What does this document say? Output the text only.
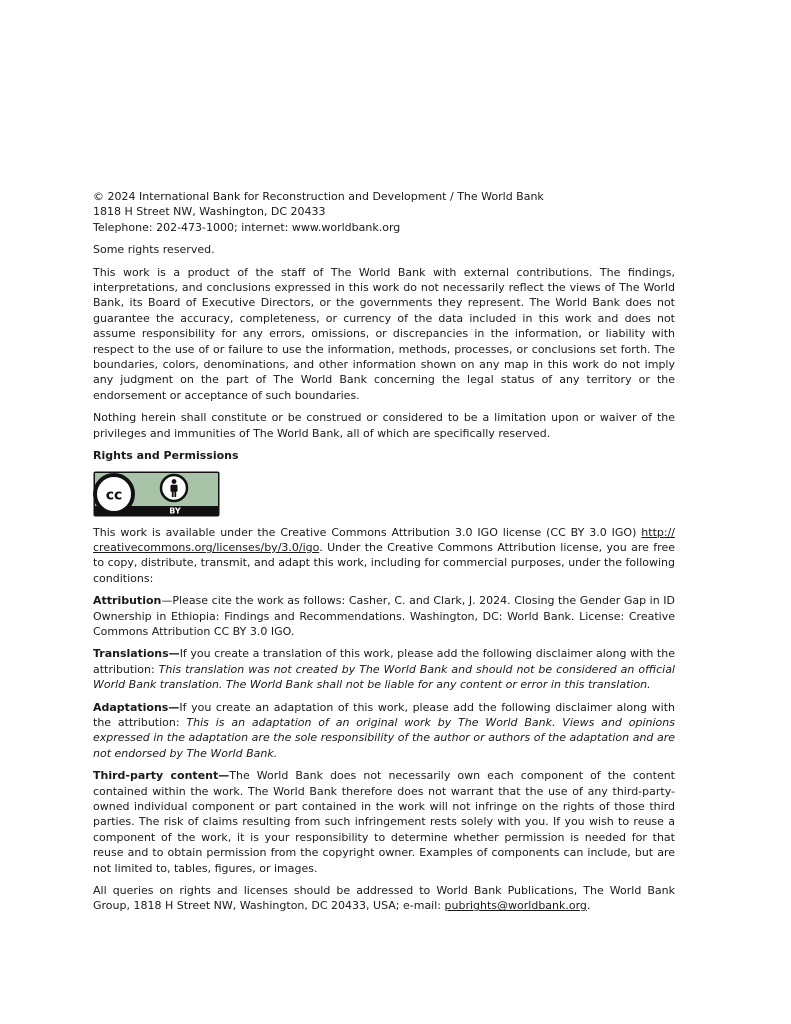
© 2024 International Bank for Reconstruction and Development / The World Bank
1818 H Street NW, Washington, DC 20433
Telephone: 202-473-1000; internet: www.worldbank.org

Some rights reserved.

This work is a product of the staff of The World Bank with external contributions. The findings, interpretations, and conclusions expressed in this work do not necessarily reflect the views of The World Bank, its Board of Executive Directors, or the governments they represent. The World Bank does not guarantee the accuracy, completeness, or currency of the data included in this work and does not assume responsibility for any errors, omissions, or discrepancies in the information, or liability with respect to the use of or failure to use the information, methods, processes, or conclusions set forth. The boundaries, colors, denominations, and other information shown on any map in this work do not imply any judgment on the part of The World Bank concerning the legal status of any territory or the endorsement or acceptance of such boundaries.

Nothing herein shall constitute or be construed or considered to be a limitation upon or waiver of the privileges and immunities of The World Bank, all of which are specifically reserved.

Rights and Permissions
cc
BY

This work is available under the Creative Commons Attribution 3.0 IGO license (CC BY 3.0 IGO) http:// creativecommons.org/licenses/by/3.0/igo. Under the Creative Commons Attribution license, you are free to copy, distribute, transmit, and adapt this work, including for commercial purposes, under the following conditions:

Attribution—Please cite the work as follows: Casher, C. and Clark, J. 2024. Closing the Gender Gap in ID Ownership in Ethiopia: Findings and Recommendations. Washington, DC: World Bank. License: Creative Commons Attribution CC BY 3.0 IGO.

Translations—If you create a translation of this work, please add the following disclaimer along with the attribution: This translation was not created by The World Bank and should not be considered an official World Bank translation. The World Bank shall not be liable for any content or error in this translation.

Adaptations—If you create an adaptation of this work, please add the following disclaimer along with the attribution: This is an adaptation of an original work by The World Bank. Views and opinions expressed in the adaptation are the sole responsibility of the author or authors of the adaptation and are not endorsed by The World Bank.

Third-party content—The World Bank does not necessarily own each component of the content contained within the work. The World Bank therefore does not warrant that the use of any third-party-owned individual component or part contained in the work will not infringe on the rights of those third parties. The risk of claims resulting from such infringement rests solely with you. If you wish to reuse a component of the work, it is your responsibility to determine whether permission is needed for that reuse and to obtain permission from the copyright owner. Examples of components can include, but are not limited to, tables, figures, or images.

All queries on rights and licenses should be addressed to World Bank Publications, The World Bank Group, 1818 H Street NW, Washington, DC 20433, USA; e-mail: pubrights@worldbank.org.
